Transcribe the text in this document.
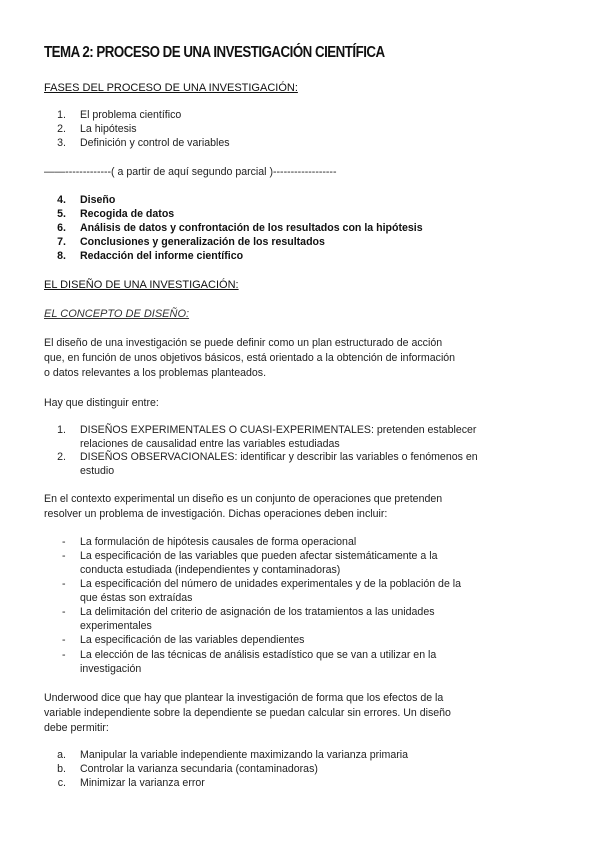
TEMA 2: PROCESO DE UNA INVESTIGACIÓN CIENTÍFICA
FASES DEL PROCESO DE UNA INVESTIGACIÓN:
1. El problema científico
2. La hipótesis
3. Definición y control de variables
——-------------( a partir de aquí segundo parcial )------------------
4. Diseño
5. Recogida de datos
6. Análisis de datos y confrontación de los resultados con la hipótesis
7. Conclusiones y generalización de los resultados
8. Redacción del informe científico
EL DISEÑO DE UNA INVESTIGACIÓN:
EL CONCEPTO DE DISEÑO:
El diseño de una investigación se puede definir como un plan estructurado de acción
que, en función de unos objetivos básicos, está orientado a la obtención de información
o datos relevantes a los problemas planteados.
Hay que distinguir entre:
1. DISEÑOS EXPERIMENTALES O CUASI-EXPERIMENTALES: pretenden establecer
relaciones de causalidad entre las variables estudiadas
2. DISEÑOS OBSERVACIONALES: identificar y describir las variables o fenómenos en
estudio
En el contexto experimental un diseño es un conjunto de operaciones que pretenden
resolver un problema de investigación. Dichas operaciones deben incluir:
- La formulación de hipótesis causales de forma operacional
- La especificación de las variables que pueden afectar sistemáticamente a la
conducta estudiada (independientes y contaminadoras)
- La especificación del número de unidades experimentales y de la población de la
que éstas son extraídas
- La delimitación del criterio de asignación de los tratamientos a las unidades
experimentales
- La especificación de las variables dependientes
- La elección de las técnicas de análisis estadístico que se van a utilizar en la
investigación
Underwood dice que hay que plantear la investigación de forma que los efectos de la
variable independiente sobre la dependiente se puedan calcular sin errores. Un diseño
debe permitir:
a. Manipular la variable independiente maximizando la varianza primaria
b. Controlar la varianza secundaria (contaminadoras)
c. Minimizar la varianza error
